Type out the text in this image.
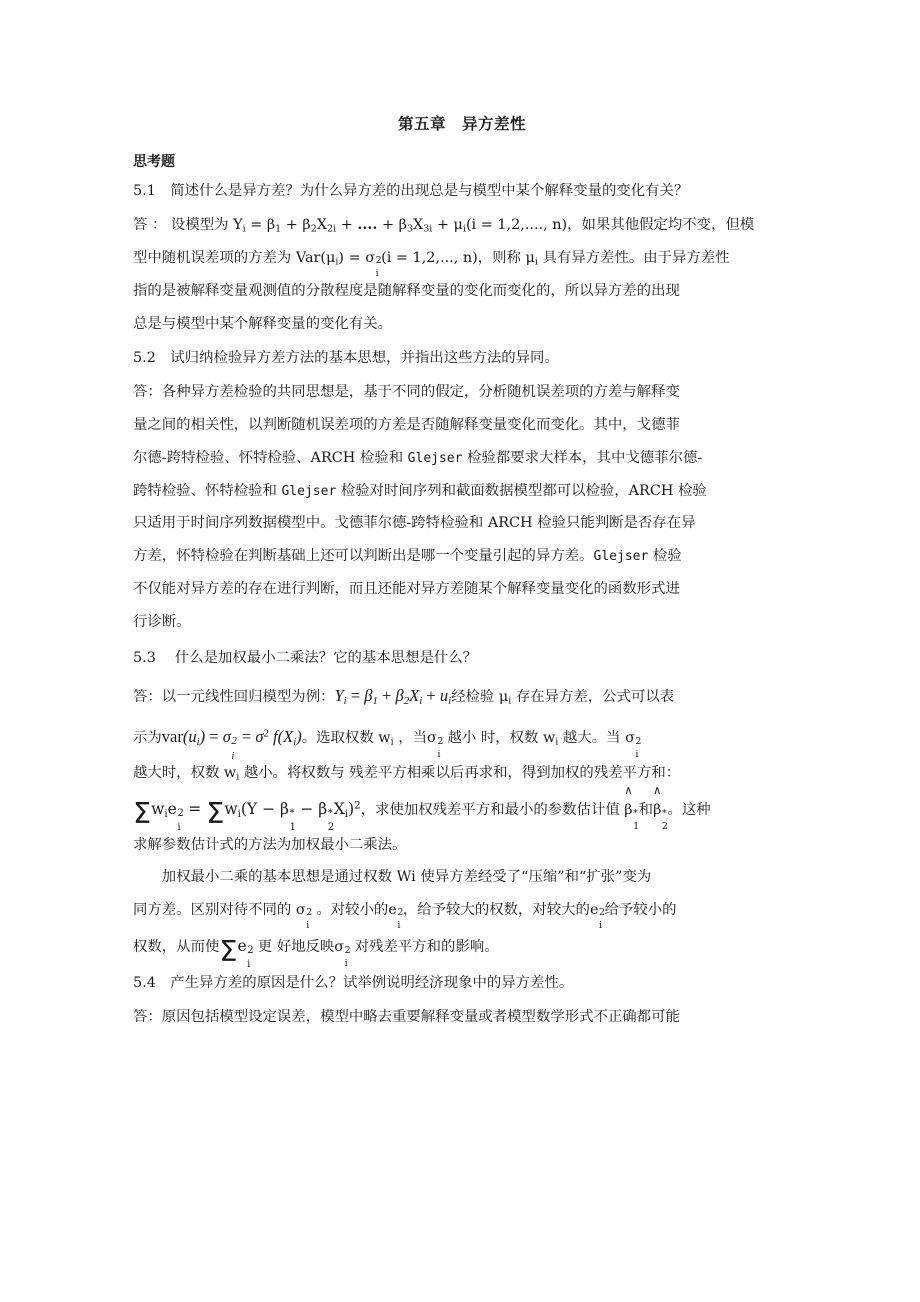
第五章　异方差性
思考题
5.1　简述什么是异方差？为什么异方差的出现总是与模型中某个解释变量的变化有关？
答 ： 设模型为 $Y_i = \beta_1 + \beta_2X_{2i}$ + .... + $\beta_3X_{3i} + \mu_i(i = 1,2$,...., n)，如果其他假定均不变，但模
型中随机误差项的方差为 $Var(\mu_i) = \sigma$ 2
i
(i = 1,2,..., n)，则称 $\mu_i$ 具有异方差性。由于异方差性
指的是被解释变量观测值的分散程度是随解释变量的变化而变化的，所以异方差的出现
总是与模型中某个解释变量的变化有关。
5.2　试归纳检验异方差方法的基本思想，并指出这些方法的异同。
答：各种异方差检验的共同思想是，基于不同的假定，分析随机误差项的方差与解释变
量之间的相关性，以判断随机误差项的方差是否随解释变量变化而变化。其中，戈德菲
尔德-跨特检验、怀特检验、ARCH 检验和 Glejser 检验都要求大样本，其中戈德菲尔德-
跨特检验、怀特检验和 Glejser 检验对时间序列和截面数据模型都可以检验，ARCH 检验
只适用于时间序列数据模型中。戈德菲尔德-跨特检验和 ARCH 检验只能判断是否存在异
方差，怀特检验在判断基础上还可以判断出是哪一个变量引起的异方差。Glejser 检验
不仅能对异方差的存在进行判断，而且还能对异方差随某个解释变量变化的函数形式进
行诊断。
5.3　 什么是加权最小二乘法？它的基本思想是什么？
答：以一元线性回归模型为例：$Y_i = \beta_1 + \beta_2X_i + u_i$经检验 $\mu_i$ 存在异方差，公式可以表
示为$var(u_i) = \sigma$ 2
i
= $\sigma^2$ $f(X_i)$。选取权数 $w_i$ ，当σ 2
i
越小 时，权数 $w_i$ 越大。当 σ 2
i
越大时，权数 $w_i$ 越小。将权数与 残差平方相乘以后再求和，得到加权的残差平方和：
$\Sigma w_ie$ 2
i
= $\Sigma w_i(Y - \beta$ *
1
− β *
2
$X_i)^2$，求使加权残差平方和最小的参数估计值
∧
β *
1
和
∧
β *
2
。这种
求解参数估计式的方法为加权最小二乘法。
加权最小二乘的基本思想是通过权数 Wi 使异方差经受了“压缩”和“扩张”变为
同方差。区别对待不同的 σ 2
i
。对较小的e 2
i
，给予较大的权数，对较大的e 2
i
给予较小的
权数，从而使Σe 2
i
更 好地反映σ 2
i
对残差平方和的影响。
5.4　产生异方差的原因是什么？试举例说明经济现象中的异方差性。
答：原因包括模型设定误差，模型中略去重要解释变量或者模型数学形式不正确都可能
